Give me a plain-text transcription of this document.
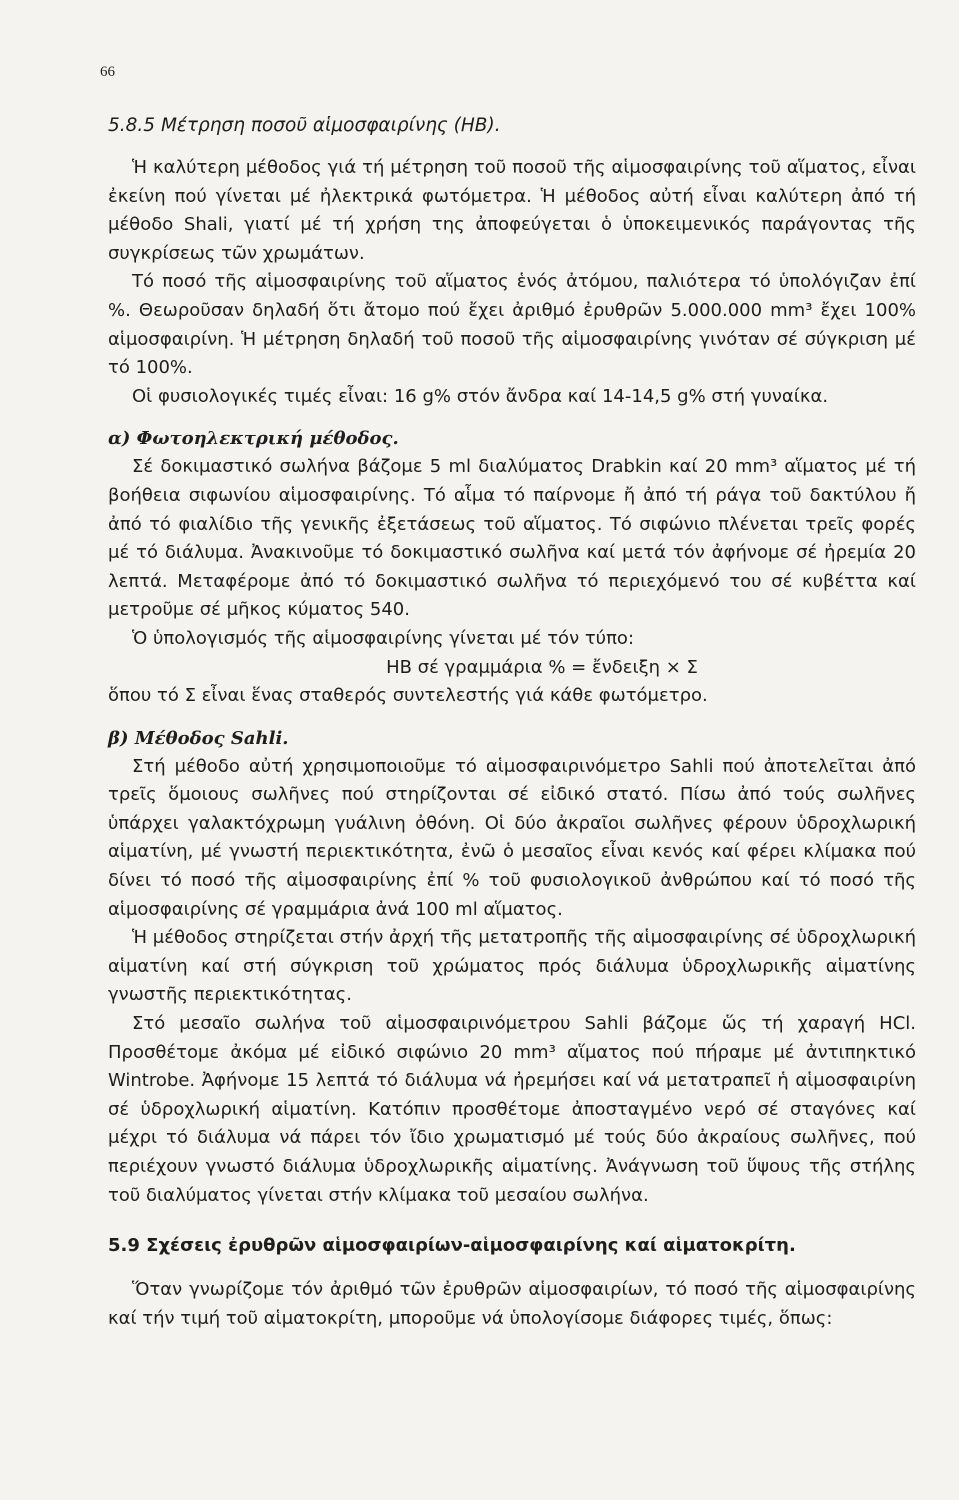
66
5.8.5 Μέτρηση ποσοῦ αἱμοσφαιρίνης (ΗΒ).

Ἡ καλύτερη μέθοδος γιά τή μέτρηση τοῦ ποσοῦ τῆς αἱμοσφαιρίνης τοῦ αἵματος, εἶναι ἐκείνη πού γίνεται μέ ἠλεκτρικά φωτόμετρα. Ἡ μέθοδος αὐτή εἶναι καλύτερη ἀπό τή μέθοδο Shali, γιατί μέ τή χρήση της ἀποφεύγεται ὁ ὑποκειμενικός παράγοντας τῆς συγκρίσεως τῶν χρωμάτων.

Τό ποσό τῆς αἱμοσφαιρίνης τοῦ αἵματος ἑνός ἀτόμου, παλιότερα τό ὑπολόγιζαν ἐπί %. Θεωροῦσαν δηλαδή ὅτι ἄτομο πού ἔχει ἀριθμό ἐρυθρῶν 5.000.000 mm³ ἔχει 100% αἱμοσφαιρίνη. Ἡ μέτρηση δηλαδή τοῦ ποσοῦ τῆς αἱμοσφαιρίνης γινόταν σέ σύγκριση μέ τό 100%.

Οἱ φυσιολογικές τιμές εἶναι: 16 g% στόν ἄνδρα καί 14-14,5 g% στή γυναίκα.

α) Φωτοηλεκτρική μέθοδος.

Σέ δοκιμαστικό σωλήνα βάζομε 5 ml διαλύματος Drabkin καί 20 mm³ αἵματος μέ τή βοήθεια σιφωνίου αἱμοσφαιρίνης. Τό αἷμα τό παίρνομε ἤ ἀπό τή ράγα τοῦ δακτύλου ἤ ἀπό τό φιαλίδιο τῆς γενικῆς ἐξετάσεως τοῦ αἵματος. Τό σιφώνιο πλένεται τρεῖς φορές μέ τό διάλυμα. Ἀνακινοῦμε τό δοκιμαστικό σωλῆνα καί μετά τόν ἀφήνομε σέ ἠρεμία 20 λεπτά. Μεταφέρομε ἀπό τό δοκιμαστικό σωλῆνα τό περιεχόμενό του σέ κυβέττα καί μετροῦμε σέ μῆκος κύματος 540.

Ὁ ὑπολογισμός τῆς αἱμοσφαιρίνης γίνεται μέ τόν τύπο:

ΗΒ σέ γραμμάρια % = ἔνδειξη × Σ

ὅπου τό Σ εἶναι ἕνας σταθερός συντελεστής γιά κάθε φωτόμετρο.

β) Μέθοδος Sahli.

Στή μέθοδο αὐτή χρησιμοποιοῦμε τό αἱμοσφαιρινόμετρο Sahli πού ἀποτελεῖται ἀπό τρεῖς ὅμοιους σωλῆνες πού στηρίζονται σέ εἰδικό στατό. Πίσω ἀπό τούς σωλῆνες ὑπάρχει γαλακτόχρωμη γυάλινη ὀθόνη. Οἱ δύο ἀκραῖοι σωλῆνες φέρουν ὑδροχλωρική αἱματίνη, μέ γνωστή περιεκτικότητα, ἐνῶ ὁ μεσαῖος εἶναι κενός καί φέρει κλίμακα πού δίνει τό ποσό τῆς αἱμοσφαιρίνης ἐπί % τοῦ φυσιολογικοῦ ἀνθρώπου καί τό ποσό τῆς αἱμοσφαιρίνης σέ γραμμάρια ἀνά 100 ml αἵματος.

Ἡ μέθοδος στηρίζεται στήν ἀρχή τῆς μετατροπῆς τῆς αἱμοσφαιρίνης σέ ὑδροχλωρική αἱματίνη καί στή σύγκριση τοῦ χρώματος πρός διάλυμα ὑδροχλωρικῆς αἱματίνης γνωστῆς περιεκτικότητας.

Στό μεσαῖο σωλήνα τοῦ αἱμοσφαιρινόμετρου Sahli βάζομε ὥς τή χαραγή HCl. Προσθέτομε ἀκόμα μέ εἰδικό σιφώνιο 20 mm³ αἵματος πού πήραμε μέ ἀντιπηκτικό Wintrobe. Ἀφήνομε 15 λεπτά τό διάλυμα νά ἠρεμήσει καί νά μετατραπεῖ ἡ αἱμοσφαιρίνη σέ ὑδροχλωρική αἱματίνη. Κατόπιν προσθέτομε ἀποσταγμένο νερό σέ σταγόνες καί μέχρι τό διάλυμα νά πάρει τόν ἴδιο χρωματισμό μέ τούς δύο ἀκραίους σωλῆνες, πού περιέχουν γνωστό διάλυμα ὑδροχλωρικῆς αἱματίνης. Ἀνάγνωση τοῦ ὕψους τῆς στήλης τοῦ διαλύματος γίνεται στήν κλίμακα τοῦ μεσαίου σωλήνα.

5.9 Σχέσεις ἐρυθρῶν αἱμοσφαιρίων-αἱμοσφαιρίνης καί αἱματοκρίτη.

Ὅταν γνωρίζομε τόν ἀριθμό τῶν ἐρυθρῶν αἱμοσφαιρίων, τό ποσό τῆς αἱμοσφαιρίνης καί τήν τιμή τοῦ αἱματοκρίτη, μποροῦμε νά ὑπολογίσομε διάφορες τιμές, ὅπως:
